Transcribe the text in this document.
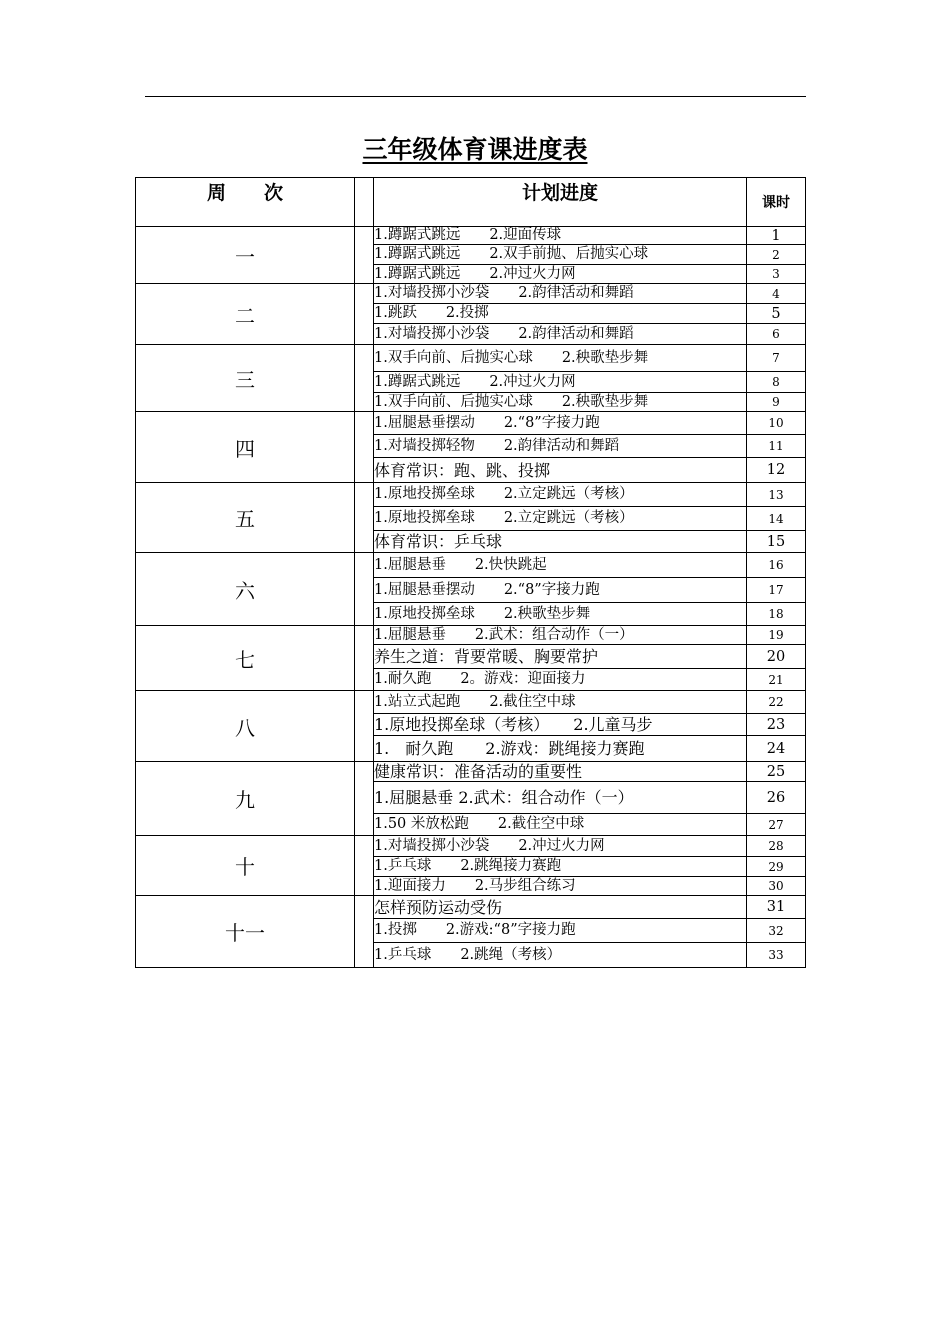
三年级体育课进度表
周　　次		计划进度	课时
一		1.蹲踞式跳远　　2.迎面传球	1
		1.蹲踞式跳远　　2.双手前抛、后抛实心球	2
		1.蹲踞式跳远　　2.冲过火力网	3
二		1.对墙投掷小沙袋　　2.韵律活动和舞蹈	4
		1.跳跃　　2.投掷	5
		1.对墙投掷小沙袋　　2.韵律活动和舞蹈	6
三		1.双手向前、后抛实心球　　2.秧歌垫步舞	7
		1.蹲踞式跳远　　2.冲过火力网	8
		1.双手向前、后抛实心球　　2.秧歌垫步舞	9
四		1.屈腿悬垂摆动　　2.“8”字接力跑	10
		1.对墙投掷轻物　　2.韵律活动和舞蹈	11
		体育常识：跑、跳、投掷	12
五		1.原地投掷垒球　　2.立定跳远（考核）	13
		1.原地投掷垒球　　2.立定跳远（考核）	14
		体育常识：乒乓球	15
六		1.屈腿悬垂　　2.快快跳起	16
		1.屈腿悬垂摆动　　2.“8”字接力跑	17
		1.原地投掷垒球　　2.秧歌垫步舞	18
七		1.屈腿悬垂　　2.武术：组合动作（一）	19
		养生之道：背要常暖、胸要常护	20
		1.耐久跑　　2。游戏：迎面接力	21
八		1.站立式起跑　　2.截住空中球	22
		1.原地投掷垒球（考核）　　2.儿童马步	23
		1.　耐久跑　　2.游戏：跳绳接力赛跑	24
九		健康常识：准备活动的重要性	25
		1.屈腿悬垂 2.武术：组合动作（一）	26
		1.50 米放松跑　　2.截住空中球	27
十		1.对墙投掷小沙袋　　2.冲过火力网	28
		1.乒乓球　　2.跳绳接力赛跑	29
		1.迎面接力　　2.马步组合练习	30
十一		怎样预防运动受伤	31
		1.投掷　　2.游戏:“8”字接力跑	32
		1.乒乓球　　2.跳绳（考核）	33
